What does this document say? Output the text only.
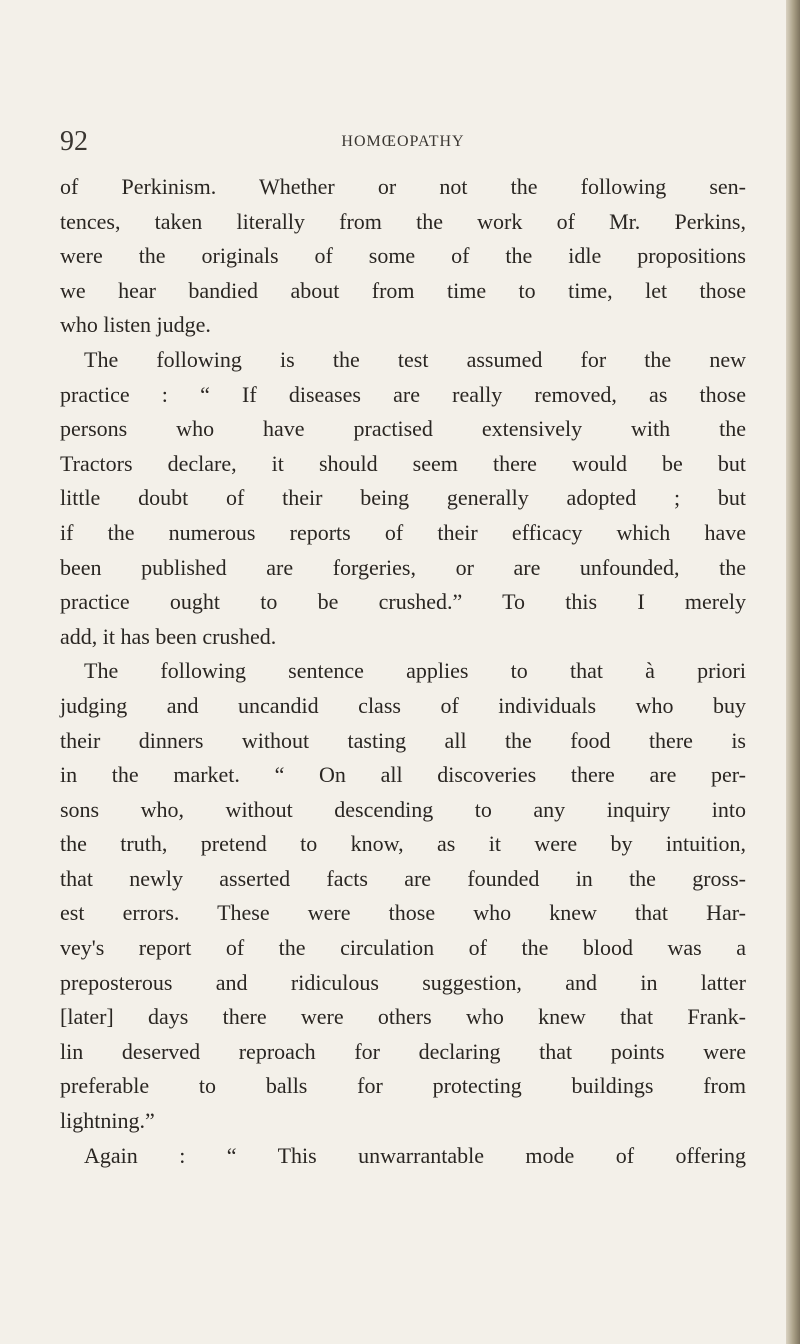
92	HOMŒOPATHY
of Perkinism. Whether or not the following sen-
tences, taken literally from the work of Mr. Perkins,
were the originals of some of the idle propositions
we hear bandied about from time to time, let those
who listen judge.
The following is the test assumed for the new
practice : “ If diseases are really removed, as those
persons who have practised extensively with the
Tractors declare, it should seem there would be but
little doubt of their being generally adopted ; but
if the numerous reports of their efficacy which have
been published are forgeries, or are unfounded, the
practice ought to be crushed.” To this I merely
add, it has been crushed.
The following sentence applies to that à priori
judging and uncandid class of individuals who buy
their dinners without tasting all the food there is
in the market. “ On all discoveries there are per-
sons who, without descending to any inquiry into
the truth, pretend to know, as it were by intuition,
that newly asserted facts are founded in the gross-
est errors. These were those who knew that Har-
vey's report of the circulation of the blood was a
preposterous and ridiculous suggestion, and in latter
[later] days there were others who knew that Frank-
lin deserved reproach for declaring that points were
preferable to balls for protecting buildings from
lightning.”
Again : “ This unwarrantable mode of offering
